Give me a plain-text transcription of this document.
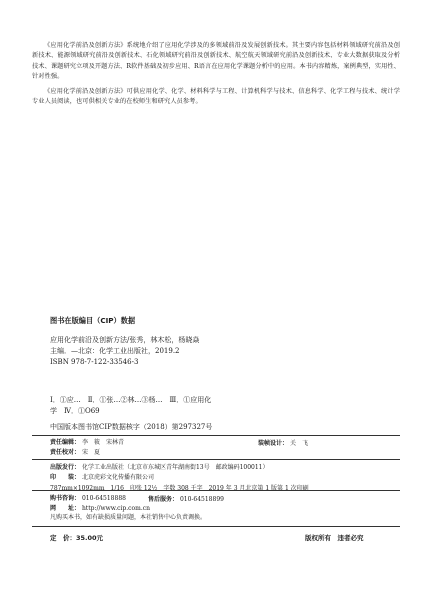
《应用化学前沿及创新方法》系统地介绍了应用化学涉及的多领域前沿及发展创新技术。其主要内容包括材料领域研究前沿及创新技术、能源领域研究前沿及创新技术、石化领域研究前沿及创新技术、航空航天领域研究前沿及创新技术、专业大数据获取及分析技术、课题研究立项及开题方法、R软件基础及初步应用、R语言在应用化学课题分析中的应用。本书内容精炼，案例典型，实用性、针对性强。

《应用化学前沿及创新方法》可供应用化学、化学、材料科学与工程、计算机科学与技术、信息科学、化学工程与技术、统计学专业人员阅读，也可供相关专业的在校师生和研究人员参考。

图书在版编目（CIP）数据
应用化学前沿及创新方法/张秀，林木松，杨晓焱
主编．—北京：化学工业出版社，2019.2
ISBN 978-7-122-33546-3
Ⅰ．①应…　Ⅱ．①张…②林…③杨…　Ⅲ．①应用化
学　Ⅳ．①O69
中国版本图书馆CIP数据核字（2018）第297327号
责任编辑： 李　筱　宋林青
责任校对： 宋　夏
装帧设计： 关　飞
出版发行： 化学工业出版社（北京市东城区青年湖南街13号　邮政编码100011）
印　　装： 北京虎彩文化传播有限公司
787mm×1092mm　1/16　印张 12½　字数 308 千字　2019 年 3 月北京第 1 版第 1 次印刷
购书咨询： 010-64518888
网　　址： http://www.cip.com.cn
凡购买本书，如有缺损质量问题，本社销售中心负责调换。
售后服务： 010-64518899
定　价：35.00元	版权所有　违者必究
